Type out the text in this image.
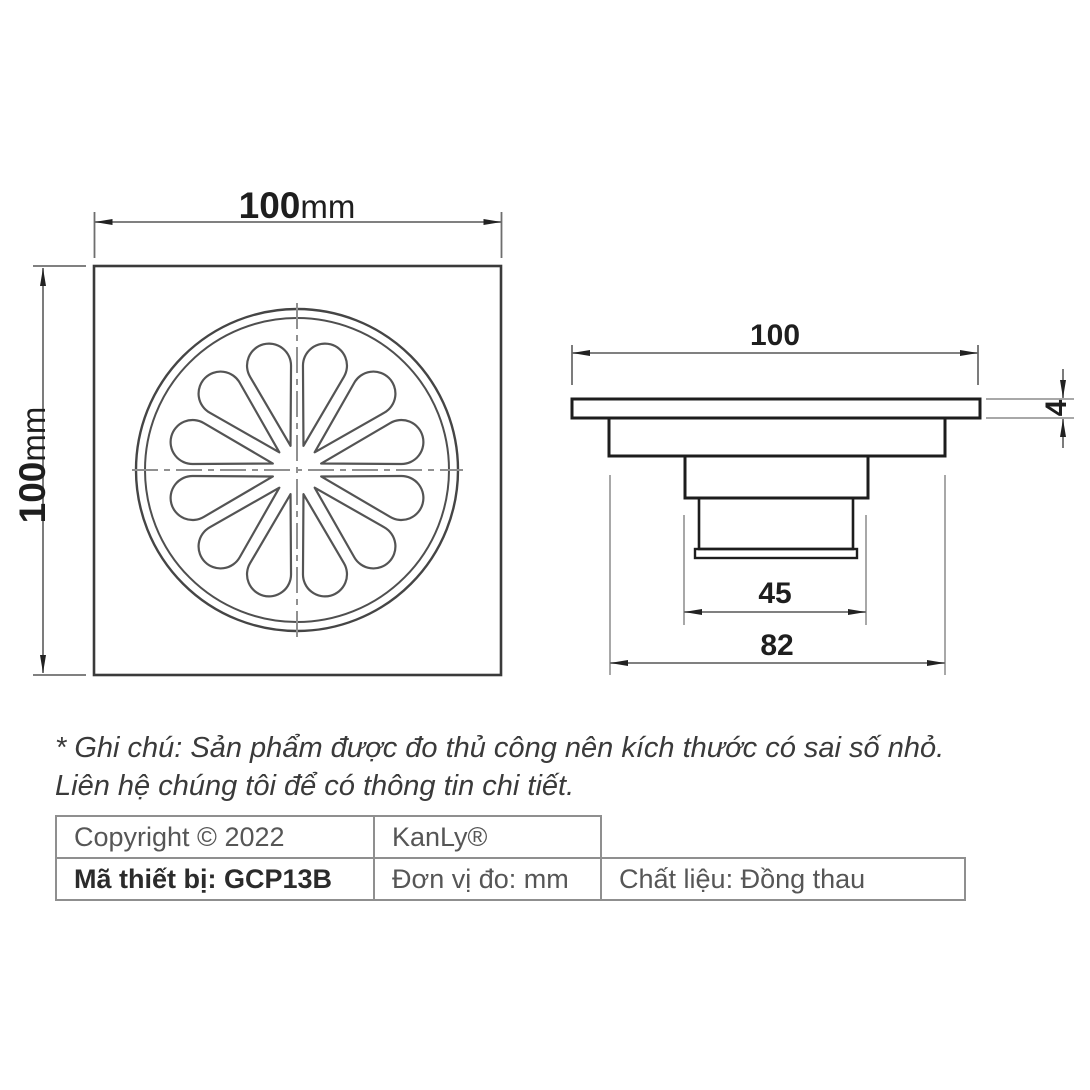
100mm
100mm
100
4
45
82
* Ghi chú: Sản phẩm được đo thủ công nên kích thước có sai số nhỏ.
Liên hệ chúng tôi để có thông tin chi tiết.
Copyright © 2022	KanLy®
Mã thiết bị: GCP13B	Đơn vị đo: mm	Chất liệu: Đồng thau
